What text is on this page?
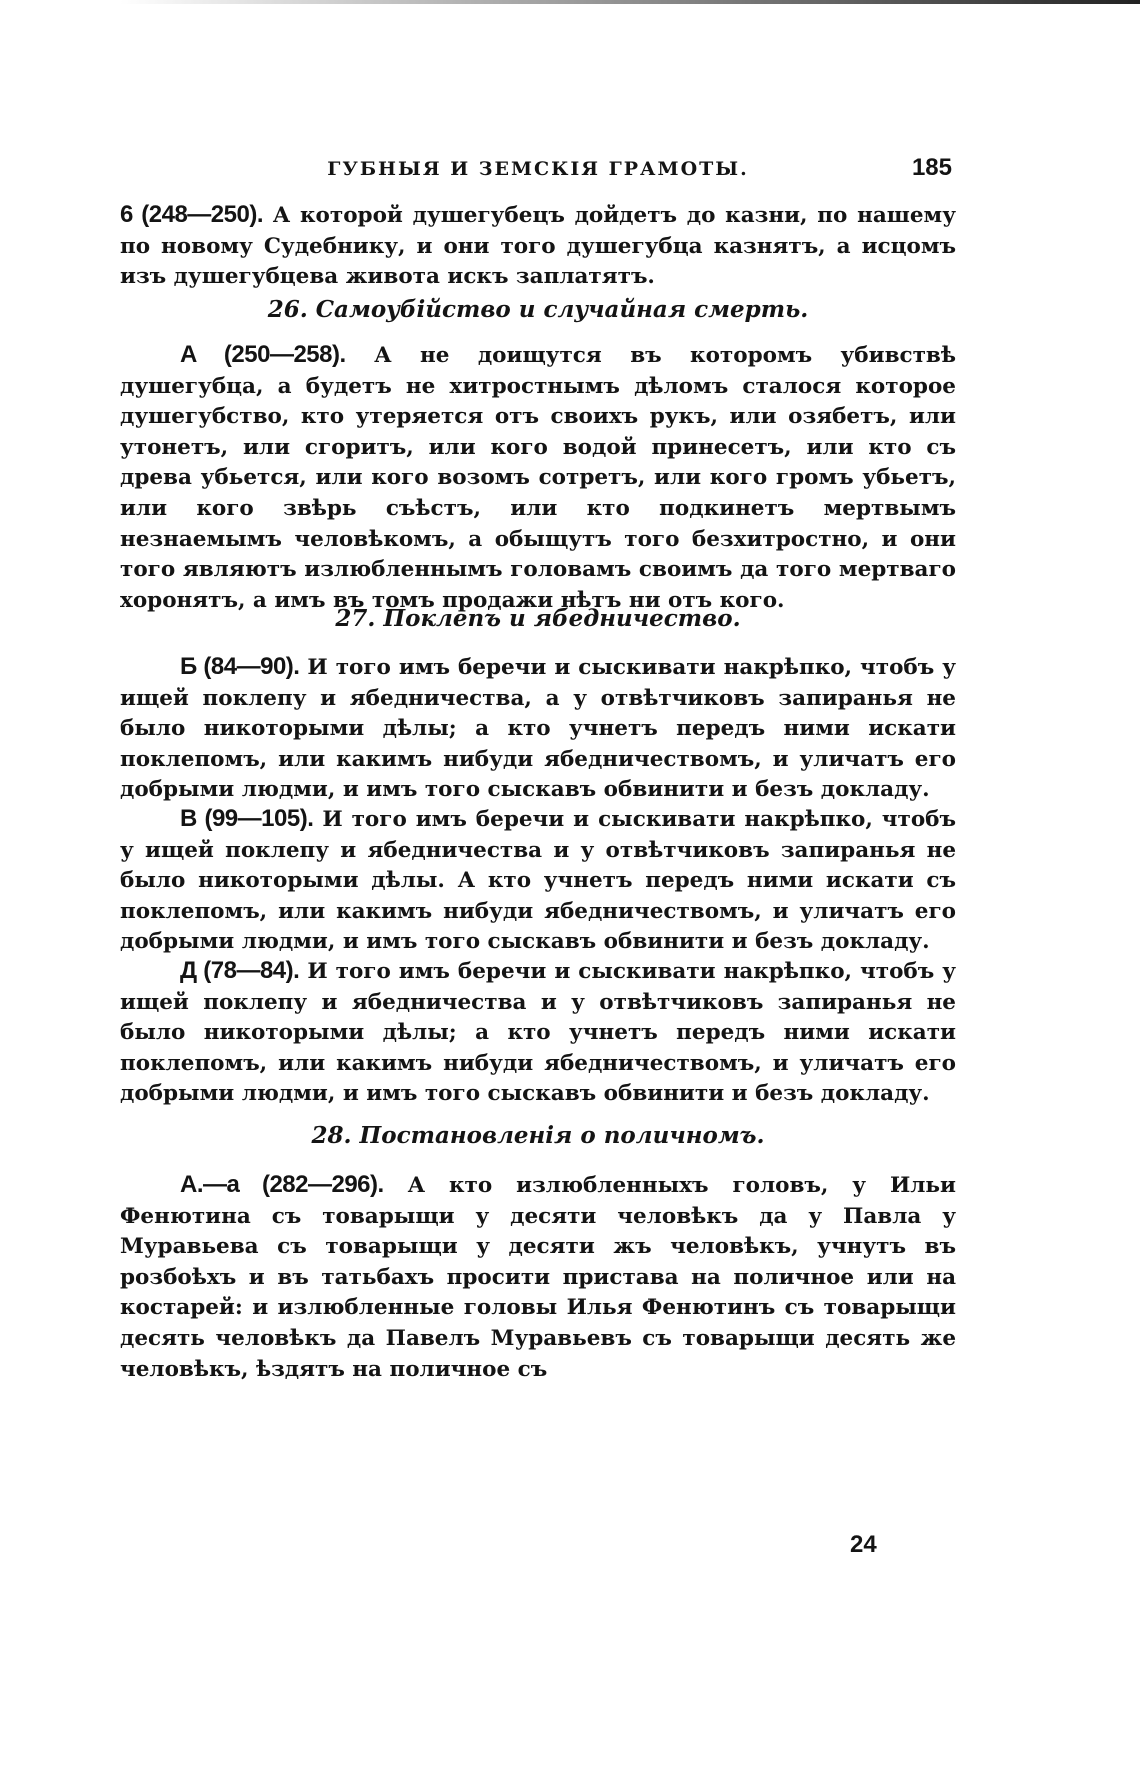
ГУБНЫЯ И ЗЕМСКІЯ ГРАМОТЫ.	185

6 (248—250). А которой душегубецъ дойдетъ до казни, по нашему по новому Судебнику, и они того душегубца казнятъ, а исцомъ изъ душегубцева живота искъ заплатятъ.

26. Самоубійство и случайная смерть.

А (250—258). А не доищутся въ которомъ убивствѣ душегубца, а будетъ не хитростнымъ дѣломъ сталося которое душегубство, кто утеряется отъ своихъ рукъ, или озябетъ, или утонетъ, или сгоритъ, или кого водой принесетъ, или кто съ древа убьется, или кого возомъ сотретъ, или кого громъ убьетъ, или кого звѣрь съѣстъ, или кто подкинетъ мертвымъ незнаемымъ человѣкомъ, а обыщутъ того безхитростно, и они того являютъ излюбленнымъ головамъ своимъ да того мертваго хоронятъ, а имъ въ томъ продажи нѣтъ ни отъ кого.

27. Поклепъ и ябедничество.

Б (84—90). И того имъ беречи и сыскивати накрѣпко, чтобъ у ищей поклепу и ябедничества, а у отвѣтчиковъ запиранья не было никоторыми дѣлы; а кто учнетъ передъ ними искати поклепомъ, или какимъ нибуди ябедничествомъ, и уличатъ его добрыми людми, и имъ того сыскавъ обвинити и безъ докладу.

В (99—105). И того имъ беречи и сыскивати накрѣпко, чтобъ у ищей поклепу и ябедничества и у отвѣтчиковъ запиранья не было никоторыми дѣлы. А кто учнетъ передъ ними искати съ поклепомъ, или какимъ нибуди ябедничествомъ, и уличатъ его добрыми людми, и имъ того сыскавъ обвинити и безъ докладу.

Д (78—84). И того имъ беречи и сыскивати накрѣпко, чтобъ у ищей поклепу и ябедничества и у отвѣтчиковъ запиранья не было никоторыми дѣлы; а кто учнетъ передъ ними искати поклепомъ, или какимъ нибуди ябедничествомъ, и уличатъ его добрыми людми, и имъ того сыскавъ обвинити и безъ докладу.

28. Постановленія о поличномъ.

А.—а (282—296). А кто излюбленныхъ головъ, у Ильи Фенютина съ товарыщи у десяти человѣкъ да у Павла у Муравьева съ товарыщи у десяти жъ человѣкъ, учнутъ въ розбоѣхъ и въ татьбахъ просити пристава на поличное или на костарей: и излюбленные головы Илья Фенютинъ съ товарыщи десять человѣкъ да Павелъ Муравьевъ съ товарыщи десять же человѣкъ, ѣздятъ на поличное съ

24
